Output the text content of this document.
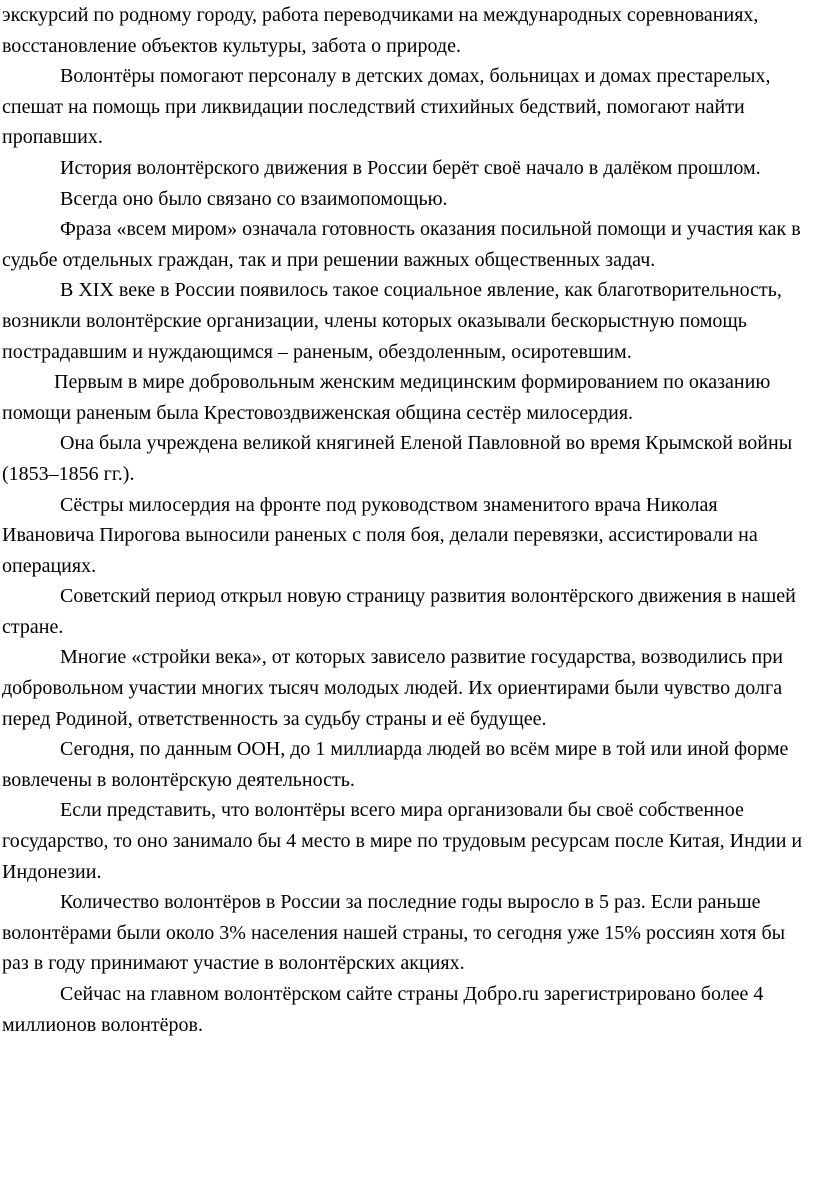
экскурсий по родному городу, работа переводчиками на международных соревнованиях, восстановление объектов культуры, забота о природе.

Волонтёры помогают персоналу в детских домах, больницах и домах престарелых, спешат на помощь при ликвидации последствий стихийных бедствий, помогают найти пропавших.

История волонтёрского движения в России берёт своё начало в далёком прошлом.

Всегда оно было связано со взаимопомощью.

Фраза «всем миром» означала готовность оказания посильной помощи и участия как в судьбе отдельных граждан, так и при решении важных общественных задач.

В XIX веке в России появилось такое социальное явление, как благотворительность, возникли волонтёрские организации, члены которых оказывали бескорыстную помощь пострадавшим и нуждающимся – раненым, обездоленным, осиротевшим.

Первым в мире добровольным женским медицинским формированием по оказанию помощи раненым была Крестовоздвиженская община сестёр милосердия.

Она была учреждена великой княгиней Еленой Павловной во время Крымской войны (1853–1856 гг.).

Сёстры милосердия на фронте под руководством знаменитого врача Николая Ивановича Пирогова выносили раненых с поля боя, делали перевязки, ассистировали на операциях.

Советский период открыл новую страницу развития волонтёрского движения в нашей стране.

Многие «стройки века», от которых зависело развитие государства, возводились при добровольном участии многих тысяч молодых людей. Их ориентирами были чувство долга перед Родиной, ответственность за судьбу страны и её будущее.

Сегодня, по данным ООН, до 1 миллиарда людей во всём мире в той или иной форме вовлечены в волонтёрскую деятельность.

Если представить, что волонтёры всего мира организовали бы своё собственное государство, то оно занимало бы 4 место в мире по трудовым ресурсам после Китая, Индии и Индонезии.

Количество волонтёров в России за последние годы выросло в 5 раз. Если раньше волонтёрами были около 3% населения нашей страны, то сегодня уже 15% россиян хотя бы раз в году принимают участие в волонтёрских акциях.

Сейчас на главном волонтёрском сайте страны Добро.ru зарегистрировано более 4 миллионов волонтёров.
